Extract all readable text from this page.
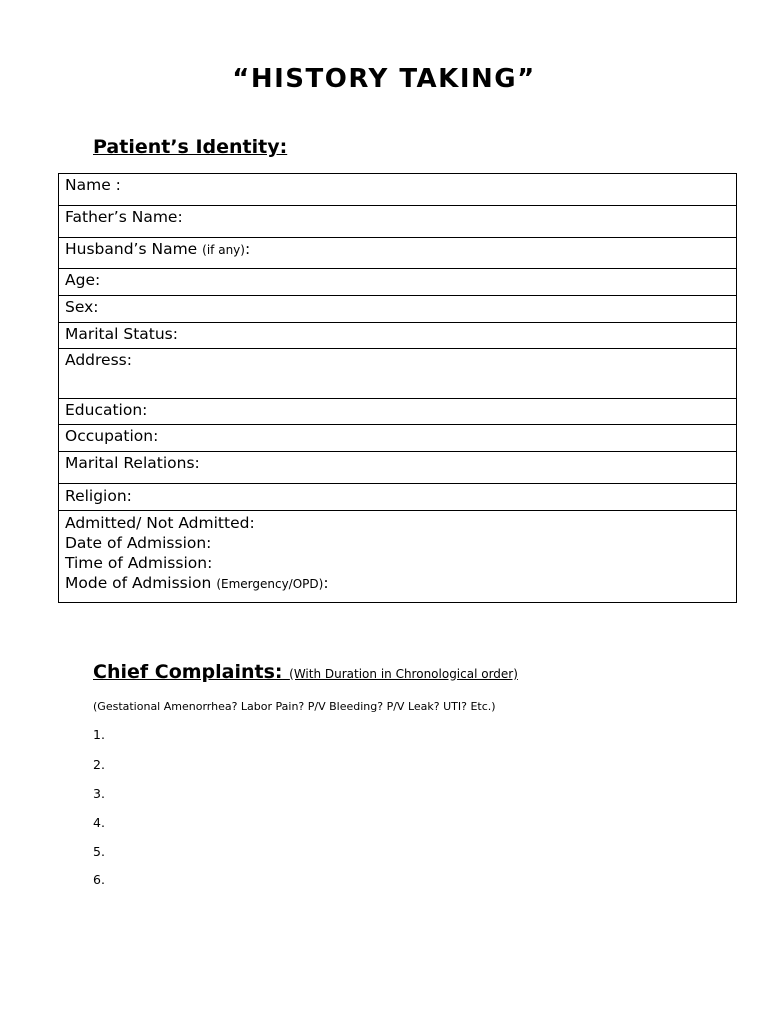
“HISTORY TAKING”
Patient’s Identity:
Name :
Father’s Name:
Husband’s Name (if any):
Age:
Sex:
Marital Status:
Address:
Education:
Occupation:
Marital Relations:
Religion:

Admitted/ Not Admitted:
Date of Admission:
Time of Admission:
Mode of Admission (Emergency/OPD):
Chief Complaints: (With Duration in Chronological order)
(Gestational Amenorrhea? Labor Pain? P/V Bleeding? P/V Leak? UTI? Etc.)
1.
2.
3.
4.
5.
6.
